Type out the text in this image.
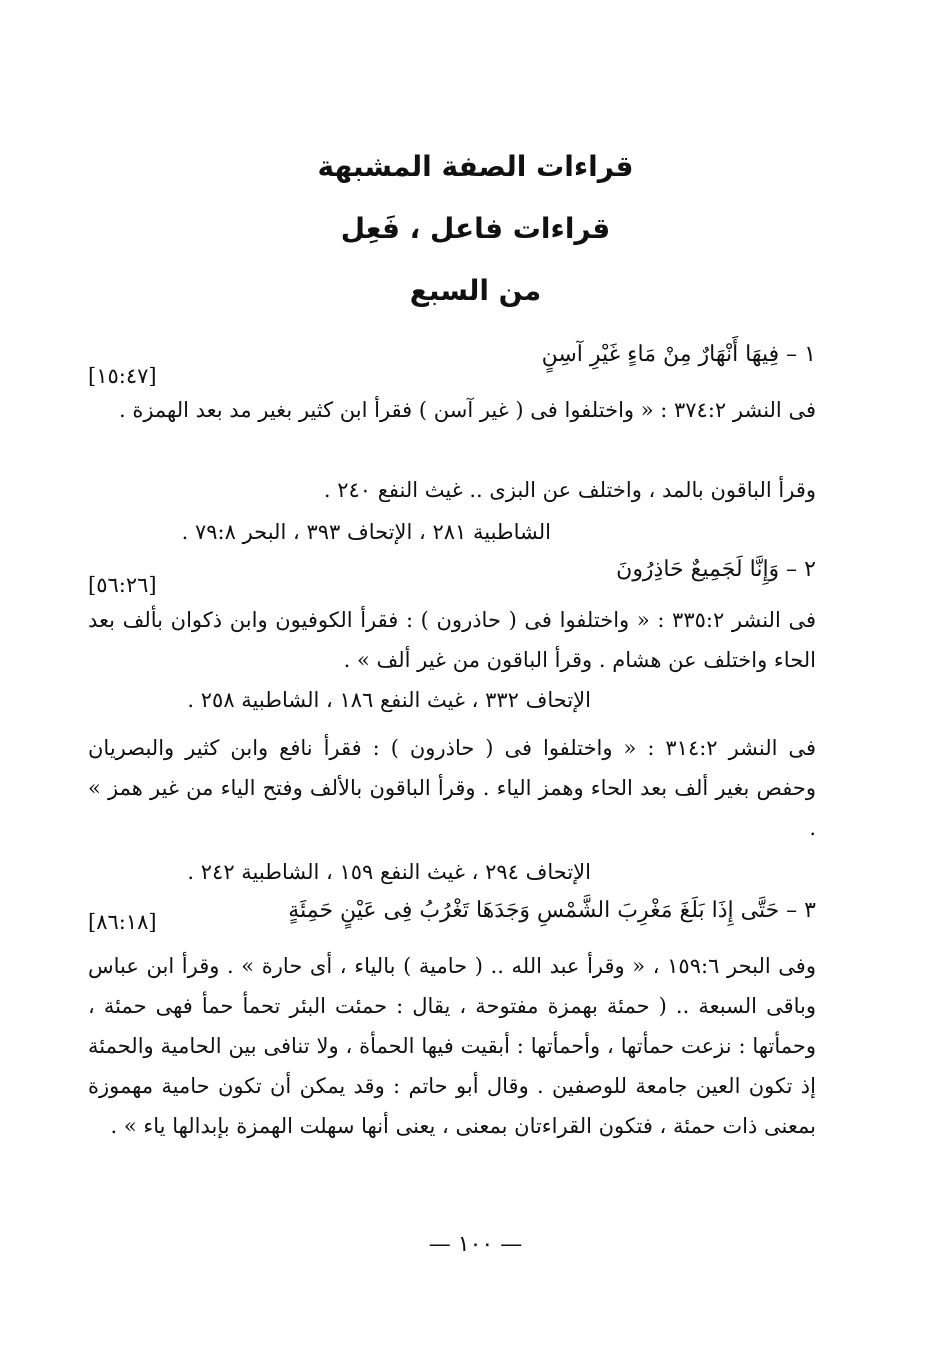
قراءات الصفة المشبهة
قراءات فاعل ، فَعِل
من السبع
١ – فِيهَا أَنْهَارٌ مِنْ مَاءٍ غَيْرِ آسِنٍ
[١٥:٤٧]
فى النشر ٣٧٤:٢ : « واختلفوا فى ( غير آسن ) فقرأ ابن كثير بغير مد بعد الهمزة .
وقرأ الباقون بالمد ، واختلف عن البزى .. غيث النفع ٢٤٠ .
الشاطبية ٢٨١ ، الإتحاف ٣٩٣ ، البحر ٧٩:٨ .
٢ – وَإِنَّا لَجَمِيعٌ حَاذِرُونَ
[٥٦:٢٦]
فى النشر ٣٣٥:٢ : « واختلفوا فى ( حاذرون ) : فقرأ الكوفيون وابن ذكوان بألف بعد الحاء واختلف عن هشام . وقرأ الباقون من غير ألف » .
الإتحاف ٣٣٢ ، غيث النفع ١٨٦ ، الشاطبية ٢٥٨ .
فى النشر ٣١٤:٢ : « واختلفوا فى ( حاذرون ) : فقرأ نافع وابن كثير والبصريان وحفص بغير ألف بعد الحاء وهمز الياء . وقرأ الباقون بالألف وفتح الياء من غير همز » .
الإتحاف ٢٩٤ ، غيث النفع ١٥٩ ، الشاطبية ٢٤٢ .
٣ – حَتَّى إِذَا بَلَغَ مَغْرِبَ الشَّمْسِ وَجَدَهَا تَغْرُبُ فِى عَيْنٍ حَمِئَةٍ
[٨٦:١٨]
وفى البحر ١٥٩:٦ ، « وقرأ عبد الله .. ( حامية ) بالياء ، أى حارة » . وقرأ ابن عباس وباقى السبعة .. ( حمئة بهمزة مفتوحة ، يقال : حمئت البئر تحمأ حمأ فهى حمئة ، وحمأتها : نزعت حمأتها ، وأحمأتها : أبقيت فيها الحمأة ، ولا تنافى بين الحامية والحمئة إذ تكون العين جامعة للوصفين . وقال أبو حاتم : وقد يمكن أن تكون حامية مهموزة بمعنى ذات حمئة ، فتكون القراءتان بمعنى ، يعنى أنها سهلت الهمزة بإبدالها ياء » .
— ١٠٠ —
